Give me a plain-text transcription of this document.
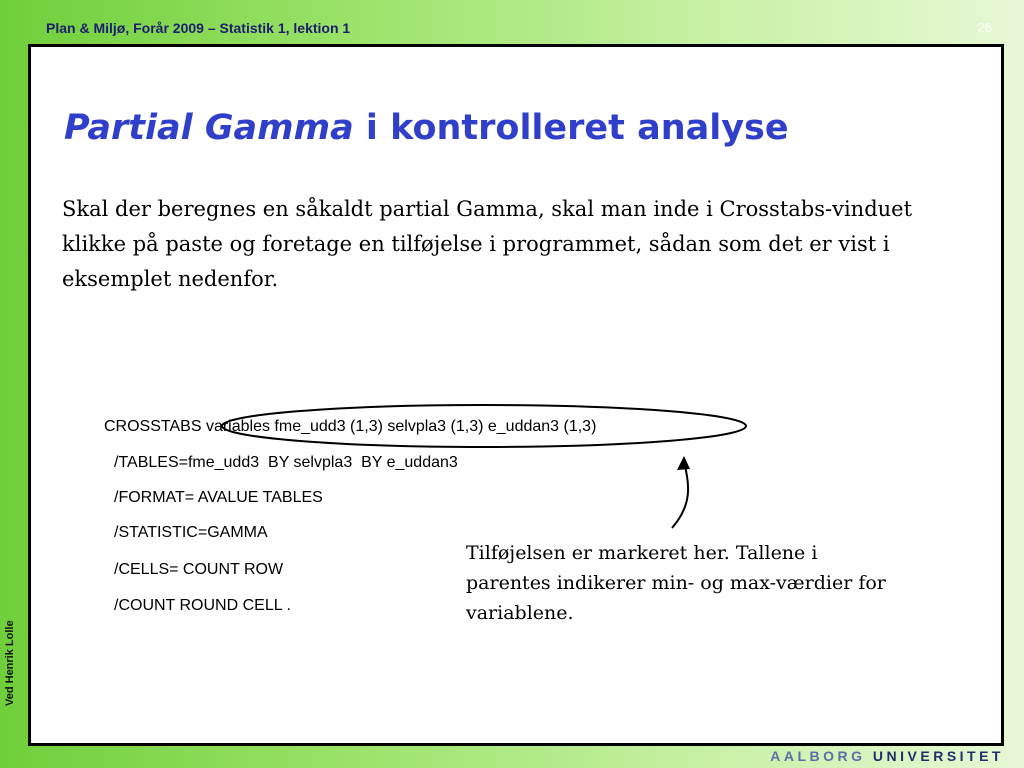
Plan & Miljø, Forår 2009 – Statistik 1, lektion 1	26
Ved Henrik Lolle
AALBORG UNIVERSITET
Partial Gamma i kontrolleret analyse

Skal der beregnes en såkaldt partial Gamma, skal man inde i Crosstabs-vinduet klikke på paste og foretage en tilføjelse i programmet, sådan som det er vist i eksemplet nedenfor.

CROSSTABS variables fme_udd3 (1,3) selvpla3 (1,3) e_uddan3 (1,3)
/TABLES=fme_udd3  BY selvpla3  BY e_uddan3
/FORMAT= AVALUE TABLES
/STATISTIC=GAMMA
/CELLS= COUNT ROW
/COUNT ROUND CELL .

Tilføjelsen er markeret her. Tallene i parentes indikerer min- og max-værdier for variablene.
